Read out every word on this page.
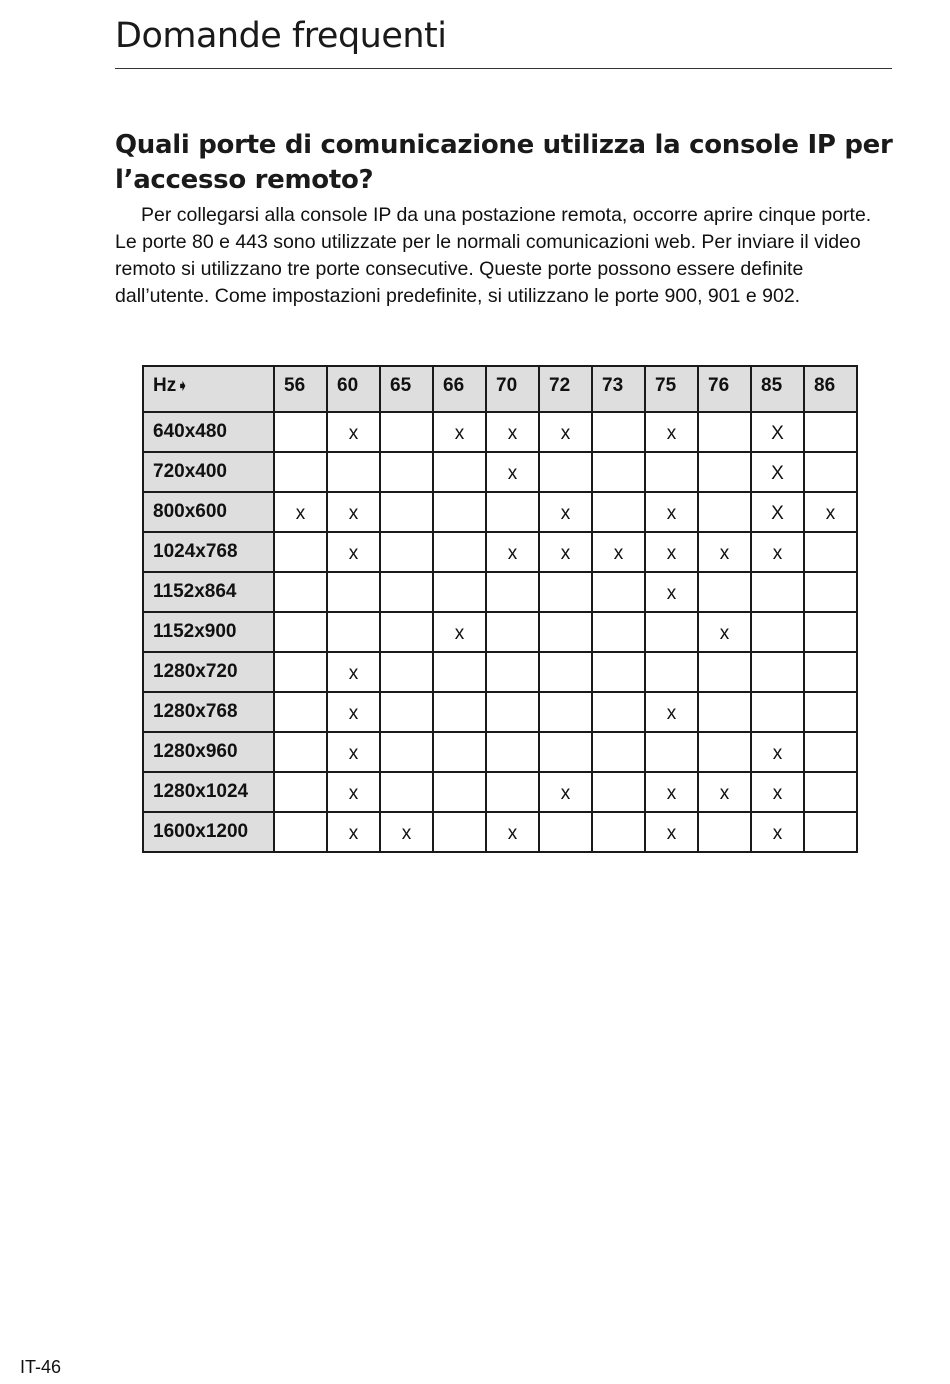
Domande frequenti
Quali porte di comunicazione utilizza la console IP per l’accesso remoto?

Per collegarsi alla console IP da una postazione remota, occorre aprire cinque porte. Le porte 80 e 443 sono utilizzate per le normali comunicazioni web. Per inviare il video remoto si utilizzano tre porte consecutive. Queste porte possono essere definite dall’utente. Come impostazioni predefinite, si utilizzano le porte 900, 901 e 902.

Hz➧	56	60	65	66	70	72	73	75	76	85	86
640x480		x		x	x	x		x		X	
720x400					x					X	
800x600	x	x				x		x		X	x
1024x768		x			x	x	x	x	x	x	
1152x864								x			
1152x900				x					x		
1280x720		x									
1280x768		x						x			
1280x960		x								x	
1280x1024		x				x		x	x	x	
1600x1200		x	x		x			x		x	
IT-46
